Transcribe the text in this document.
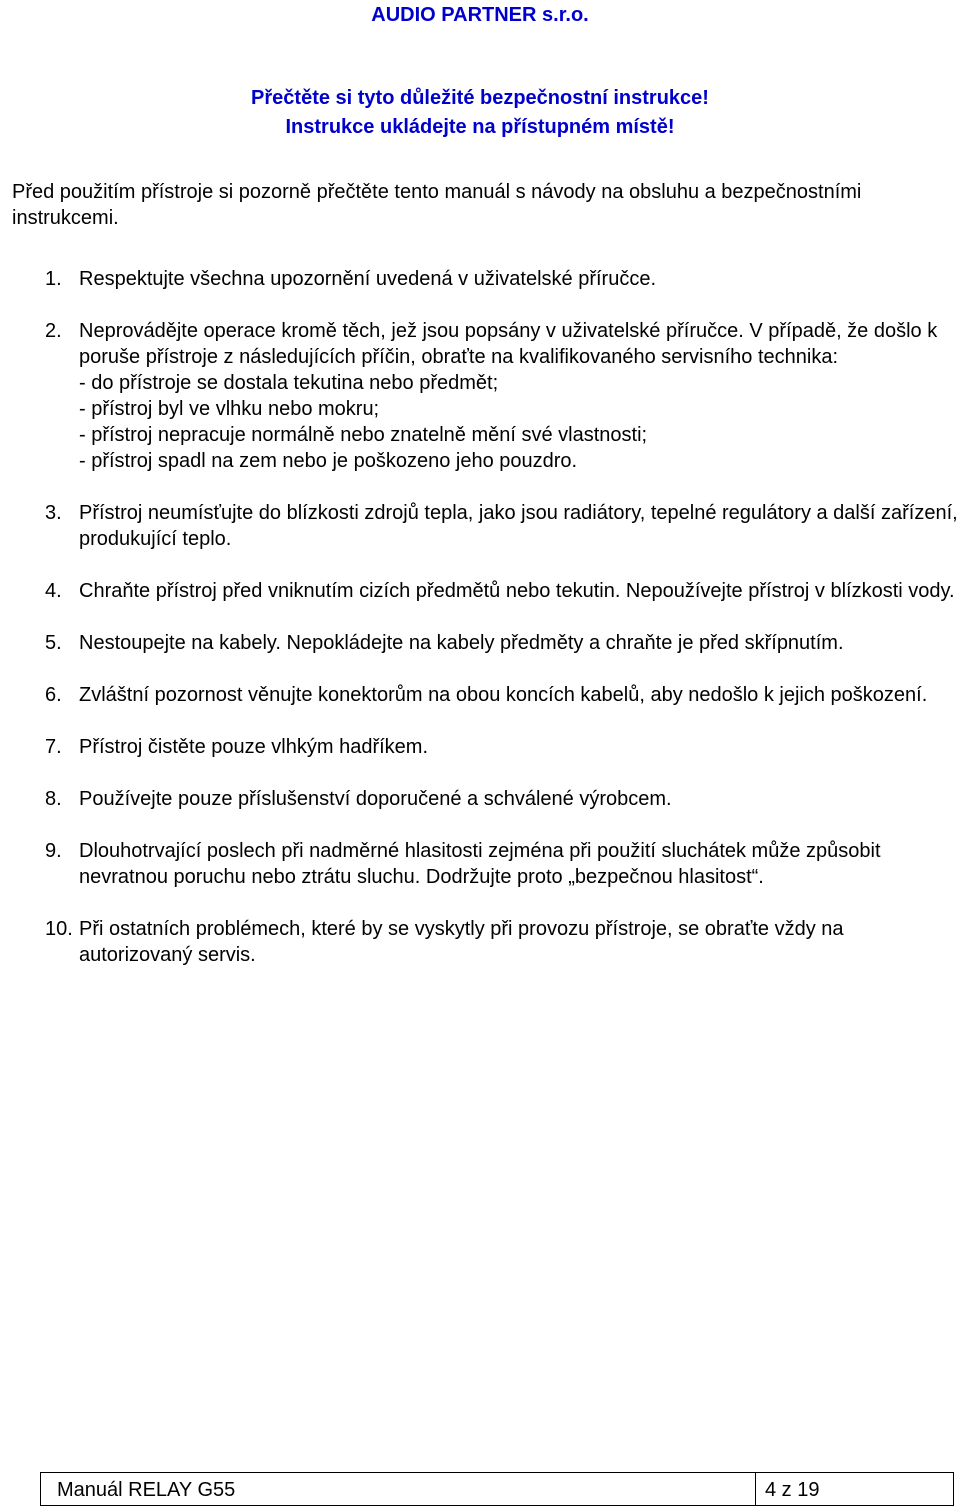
AUDIO PARTNER s.r.o.
Přečtěte si tyto důležité bezpečnostní instrukce!
Instrukce ukládejte na přístupném místě!
Před použitím přístroje si pozorně přečtěte tento manuál s návody na obsluhu a bezpečnostními instrukcemi.
1. Respektujte všechna upozornění uvedená v uživatelské příručce.
2. Neprovádějte operace kromě těch, jež jsou popsány v uživatelské příručce. V případě, že došlo k poruše přístroje z následujících příčin, obraťte na kvalifikovaného servisního technika:
- do přístroje se dostala tekutina nebo předmět;
- přístroj byl ve vlhku nebo mokru;
- přístroj nepracuje normálně nebo znatelně mění své vlastnosti;
- přístroj spadl na zem nebo je poškozeno jeho pouzdro.
3. Přístroj neumísťujte do blízkosti zdrojů tepla, jako jsou radiátory, tepelné regulátory a další zařízení, produkující teplo.
4. Chraňte přístroj před vniknutím cizích předmětů nebo tekutin. Nepoužívejte přístroj v blízkosti vody.
5. Nestoupejte na kabely. Nepokládejte na kabely předměty a chraňte je před skřípnutím.
6. Zvláštní pozornost věnujte konektorům na obou koncích kabelů, aby nedošlo k jejich poškození.
7. Přístroj čistěte pouze vlhkým hadříkem.
8. Používejte pouze příslušenství doporučené a schválené výrobcem.
9. Dlouhotrvající poslech při nadměrné hlasitosti zejména při použití sluchátek může způsobit nevratnou poruchu nebo ztrátu sluchu. Dodržujte proto „bezpečnou hlasitost“.
10. Při ostatních problémech, které by se vyskytly při provozu přístroje, se obraťte vždy na autorizovaný servis.
Manuál RELAY G55	4 z 19
